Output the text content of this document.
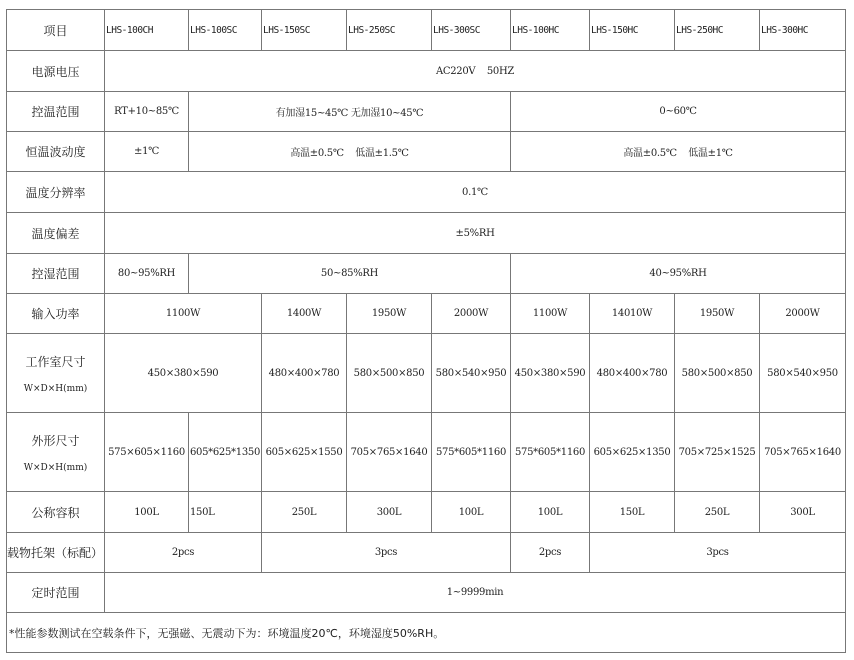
项目	LHS-100CH	LHS-100SC	LHS-150SC	LHS-250SC	LHS-300SC	LHS-100HC	LHS-150HC	LHS-250HC	LHS-300HC
电源电压	AC220V    50HZ								
控温范围	RT+10~85℃	有加湿15~45℃ 无加湿10~45℃				0~60℃			
恒温波动度	±1℃	高温±0.5℃    低温±1.5℃				高温±0.5℃    低温±1℃			
温度分辨率	0.1℃								
温度偏差	±5%RH								
控湿范围	80~95%RH	50~85%RH				40~95%RH			
输入功率	1100W		1400W	1950W	2000W	1100W	14010W	1950W	2000W
工作室尺寸
W×D×H(mm)	450×380×590		480×400×780	580×500×850	580×540×950	450×380×590	480×400×780	580×500×850	580×540×950
外形尺寸
W×D×H(mm)	575×605×1160	605*625*1350	605×625×1550	705×765×1640	575*605*1160	575*605*1160	605×625×1350	705×725×1525	705×765×1640
公称容积	100L	150L	250L	300L	100L	100L	150L	250L	300L
载物托架（标配）	2pcs		3pcs			2pcs	3pcs		
定时范围	1~9999min								
*性能参数测试在空载条件下，无强磁、无震动下为：环境温度20℃，环境湿度50%RH。									
